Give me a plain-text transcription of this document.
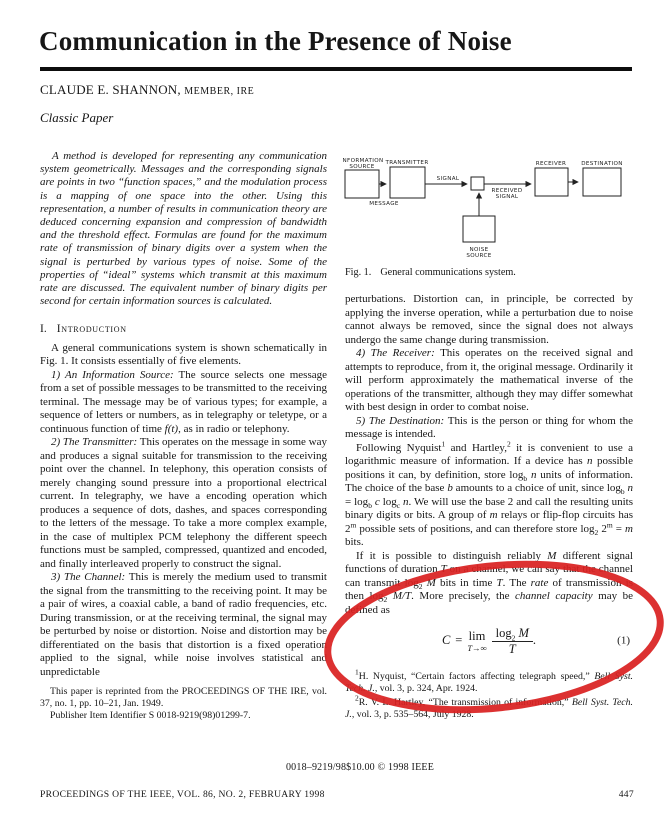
Communication in the Presence of Noise
CLAUDE E. SHANNON, MEMBER, IRE
Classic Paper

A method is developed for representing any communication system geometrically. Messages and the corresponding signals are points in two “function spaces,” and the modulation process is a mapping of one space into the other. Using this representation, a number of results in communication theory are deduced concerning expansion and compression of bandwidth and the threshold effect. Formulas are found for the maximum rate of transmission of binary digits over a system when the signal is perturbed by various types of noise. Some of the properties of “ideal” systems which transmit at this maximum rate are discussed. The equivalent number of binary digits per second for certain information sources is calculated.

I. Introduction

A general communications system is shown schematically in Fig. 1. It consists essentially of five elements.

1) An Information Source: The source selects one message from a set of possible messages to be transmitted to the receiving terminal. The message may be of various types; for example, a sequence of letters or numbers, as in telegraphy or teletype, or a continuous function of time f(t), as in radio or telephony.

2) The Transmitter: This operates on the message in some way and produces a signal suitable for transmission to the receiving point over the channel. In telephony, this operation consists of merely changing sound pressure into a proportional electrical current. In telegraphy, we have a encoding operation which produces a sequence of dots, dashes, and spaces corresponding to the letters of the message. To take a more complex example, in the case of multiplex PCM telephony the different speech functions must be sampled, compressed, quantized and encoded, and finally interleaved properly to construct the signal.

3) The Channel: This is merely the medium used to transmit the signal from the transmitting to the receiving point. It may be a pair of wires, a coaxial cable, a band of radio frequencies, etc. During transmission, or at the receiving terminal, the signal may be perturbed by noise or distortion. Noise and distortion may be differentiated on the basis that distortion is a fixed operation applied to the signal, while noise involves statistical and unpredictable

This paper is reprinted from the PROCEEDINGS OF THE IRE, vol. 37, no. 1, pp. 10–21, Jan. 1949.

Publisher Item Identifier S 0018-9219(98)01299-7.

INFORMATION
SOURCE
TRANSMITTER
MESSAGE
SIGNAL
RECEIVED
SIGNAL
RECEIVER	DESTINATION
NOISE
SOURCE
Fig. 1. General communications system.

perturbations. Distortion can, in principle, be corrected by applying the inverse operation, while a perturbation due to noise cannot always be removed, since the signal does not always undergo the same change during transmission.

4) The Receiver: This operates on the received signal and attempts to reproduce, from it, the original message. Ordinarily it will perform approximately the mathematical inverse of the operations of the transmitter, although they may differ somewhat with best design in order to combat noise.

5) The Destination: This is the person or thing for whom the message is intended.

Following Nyquist$^1$ and Hartley,$^2$ it is convenient to use a logarithmic measure of information. If a device has n possible positions it can, by definition, store $\log_b n$ units of information. The choice of the base b amounts to a choice of unit, since $\log_b n = \log_b c$ $\log_c n$. We will use the base 2 and call the resulting units binary digits or bits. A group of m relays or flip-flop circuits has 2$^m$ possible sets of positions, and can therefore store $\log_2 2^m = m$ bits.

If it is possible to distinguish reliably M different signal functions of duration T on a channel, we can say that the channel can transmit $\log_2 M$ bits in time T. The rate of transmission is then $\log_2 M/T$. More precisely, the channel capacity may be defined as

C = lim
$T\to\infty \frac{\log_2 M}{T}$ .	(1)

$^1$H. Nyquist, “Certain factors affecting telegraph speed,” Bell Syst. Tech. J., vol. 3, p. 324, Apr. 1924.

$^2$R. V. L. Hartley, “The transmission of information,” Bell Syst. Tech. J., vol. 3, p. 535–564, July 1928.

0018–9219/98$10.00 © 1998 IEEE
PROCEEDINGS OF THE IEEE, VOL. 86, NO. 2, FEBRUARY 1998	447
